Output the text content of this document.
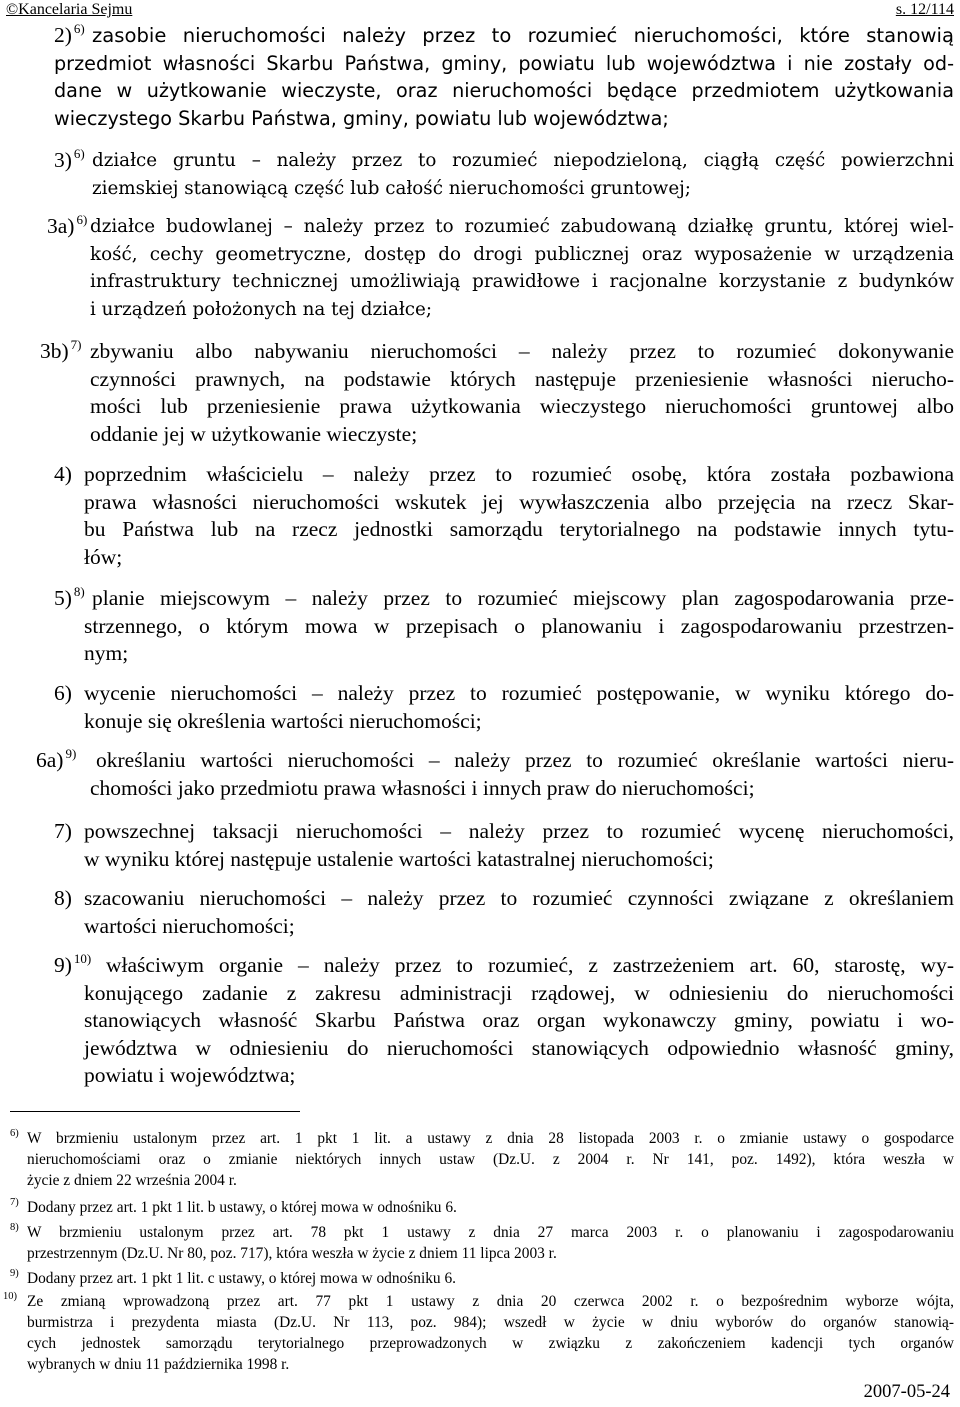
©Kancelaria Sejmu	s. 12/114
2) $^{6)}$ zasobie nieruchomości należy przez to rozumieć nieruchomości, które stanowią
przedmiot własności Skarbu Państwa, gminy, powiatu lub województwa i nie zostały od-
dane w użytkowanie wieczyste, oraz nieruchomości będące przedmiotem użytkowania
wieczystego Skarbu Państwa, gminy, powiatu lub województwa;
3) $^{6)}$ działce gruntu – należy przez to rozumieć niepodzieloną, ciągłą część powierzchni
ziemskiej stanowiącą część lub całość nieruchomości gruntowej;
3a) $^{6)}$ działce budowlanej – należy przez to rozumieć zabudowaną działkę gruntu, której wiel-
kość, cechy geometryczne, dostęp do drogi publicznej oraz wyposażenie w urządzenia
infrastruktury technicznej umożliwiają prawidłowe i racjonalne korzystanie z budynków
i urządzeń położonych na tej działce;
3b) $^{7)}$ zbywaniu albo nabywaniu nieruchomości – należy przez to rozumieć dokonywanie
czynności prawnych, na podstawie których następuje przeniesienie własności nierucho-
mości lub przeniesienie prawa użytkowania wieczystego nieruchomości gruntowej albo
oddanie jej w użytkowanie wieczyste;
4) poprzednim właścicielu – należy przez to rozumieć osobę, która została pozbawiona
prawa własności nieruchomości wskutek jej wywłaszczenia albo przejęcia na rzecz Skar-
bu Państwa lub na rzecz jednostki samorządu terytorialnego na podstawie innych tytu-
łów;
5) $^{8)}$ planie miejscowym – należy przez to rozumieć miejscowy plan zagospodarowania prze-
strzennego, o którym mowa w przepisach o planowaniu i zagospodarowaniu przestrzen-
nym;
6) wycenie nieruchomości – należy przez to rozumieć postępowanie, w wyniku którego do-
konuje się określenia wartości nieruchomości;
6a) $^{9)}$ określaniu wartości nieruchomości – należy przez to rozumieć określanie wartości nieru-
chomości jako przedmiotu prawa własności i innych praw do nieruchomości;
7) powszechnej taksacji nieruchomości – należy przez to rozumieć wycenę nieruchomości,
w wyniku której następuje ustalenie wartości katastralnej nieruchomości;
8) szacowaniu nieruchomości – należy przez to rozumieć czynności związane z określaniem
wartości nieruchomości;
9) $^{10)}$ właściwym organie – należy przez to rozumieć, z zastrzeżeniem art. 60, starostę, wy-
konującego zadanie z zakresu administracji rządowej, w odniesieniu do nieruchomości
stanowiących własność Skarbu Państwa oraz organ wykonawczy gminy, powiatu i wo-
jewództwa w odniesieniu do nieruchomości stanowiących odpowiednio własność gminy,
powiatu i województwa;
6) W brzmieniu ustalonym przez art. 1 pkt 1 lit. a ustawy z dnia 28 listopada 2003 r. o zmianie ustawy o gospodarce
nieruchomościami oraz o zmianie niektórych innych ustaw (Dz.U. z 2004 r. Nr 141, poz. 1492), która weszła w
życie z dniem 22 września 2004 r.
7) Dodany przez art. 1 pkt 1 lit. b ustawy, o której mowa w odnośniku 6.
8) W brzmieniu ustalonym przez art. 78 pkt 1 ustawy z dnia 27 marca 2003 r. o planowaniu i zagospodarowaniu
przestrzennym (Dz.U. Nr 80, poz. 717), która weszła w życie z dniem 11 lipca 2003 r.
9) Dodany przez art. 1 pkt 1 lit. c ustawy, o której mowa w odnośniku 6.
10) Ze zmianą wprowadzoną przez art. 77 pkt 1 ustawy z dnia 20 czerwca 2002 r. o bezpośrednim wyborze wójta,
burmistrza i prezydenta miasta (Dz.U. Nr 113, poz. 984); wszedł w życie w dniu wyborów do organów stanowią-
cych jednostek samorządu terytorialnego przeprowadzonych w związku z zakończeniem kadencji tych organów
wybranych w dniu 11 października 1998 r.
2007-05-24
